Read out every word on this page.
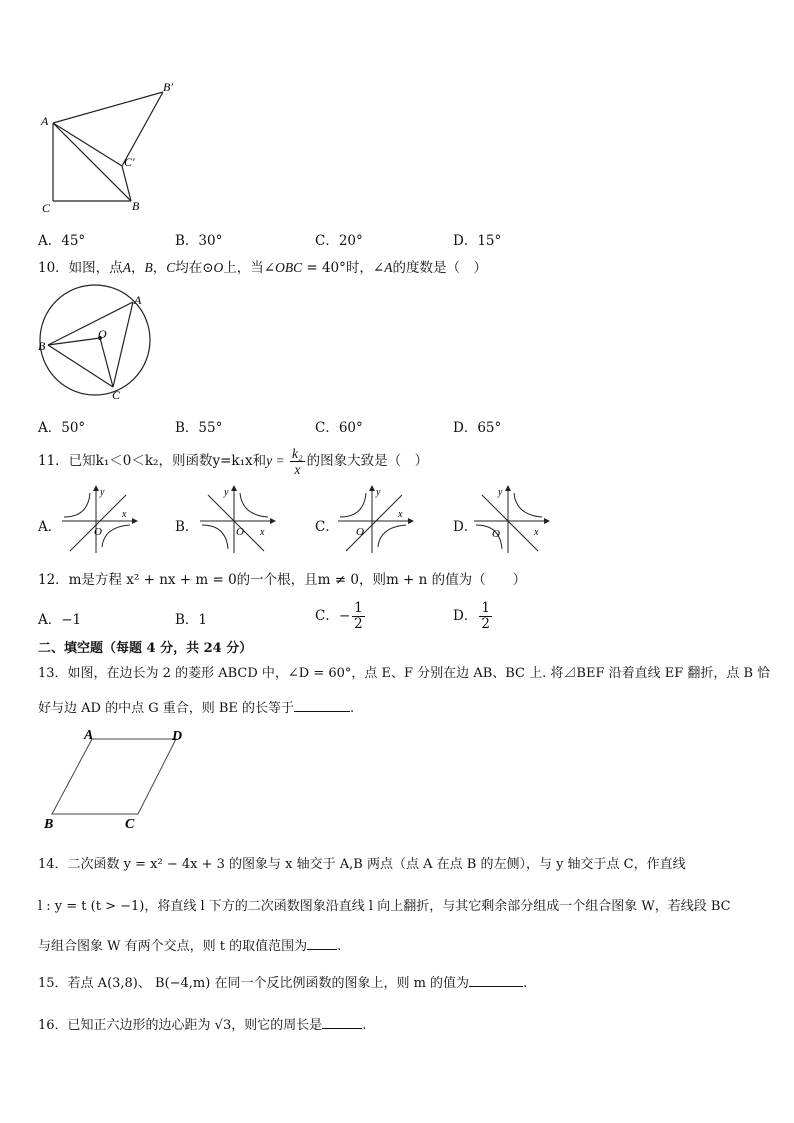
A
B′
C′
C	B
A．45°	B．30°	C．20°	D．15°
10．如图，点A，B，C均在⊙O上，当∠OBC = 40°时，∠A的度数是（　）
A
B
C
O
A．50°	B．55°	C．60°	D．65°
11．已知k₁＜0＜k₂，则函数y=k₁x和$y = \frac{\text{k₂}}{x}$ 的图象大致是（　）
A．
y
x
O	B．
y
x
O	C．
y
x
O	D．
y
x
O
12．m是方程 x² + nx + m = 0的一个根，且m ≠ 0，则m + n 的值为（　　）
A．−1	B．1	C．− $\frac{1}{2}$	D． $\frac{1}{2}$
二、填空题（每题 4 分，共 24 分）
13．如图，在边长为 2 的菱形 ABCD 中，∠D = 60°，点 E、F 分别在边 AB、BC 上. 将⊿BEF 沿着直线 EF 翻折，点 B 恰
好与边 AD 的中点 G 重合，则 BE 的长等于	.
A	D
B	C
14．二次函数 y = x² − 4x + 3 的图象与 x 轴交于 A,B 两点（点 A 在点 B 的左侧），与 y 轴交于点 C，作直线
l : y = t (t > −1)，将直线 l 下方的二次函数图象沿直线 l 向上翻折，与其它剩余部分组成一个组合图象 W，若线段 BC
与组合图象 W 有两个交点，则 t 的取值范围为 .
15．若点 A(3,8)、 B(−4,m) 在同一个反比例函数的图象上，则 m 的值为	.
16．已知正六边形的边心距为 √3，则它的周长是	.
